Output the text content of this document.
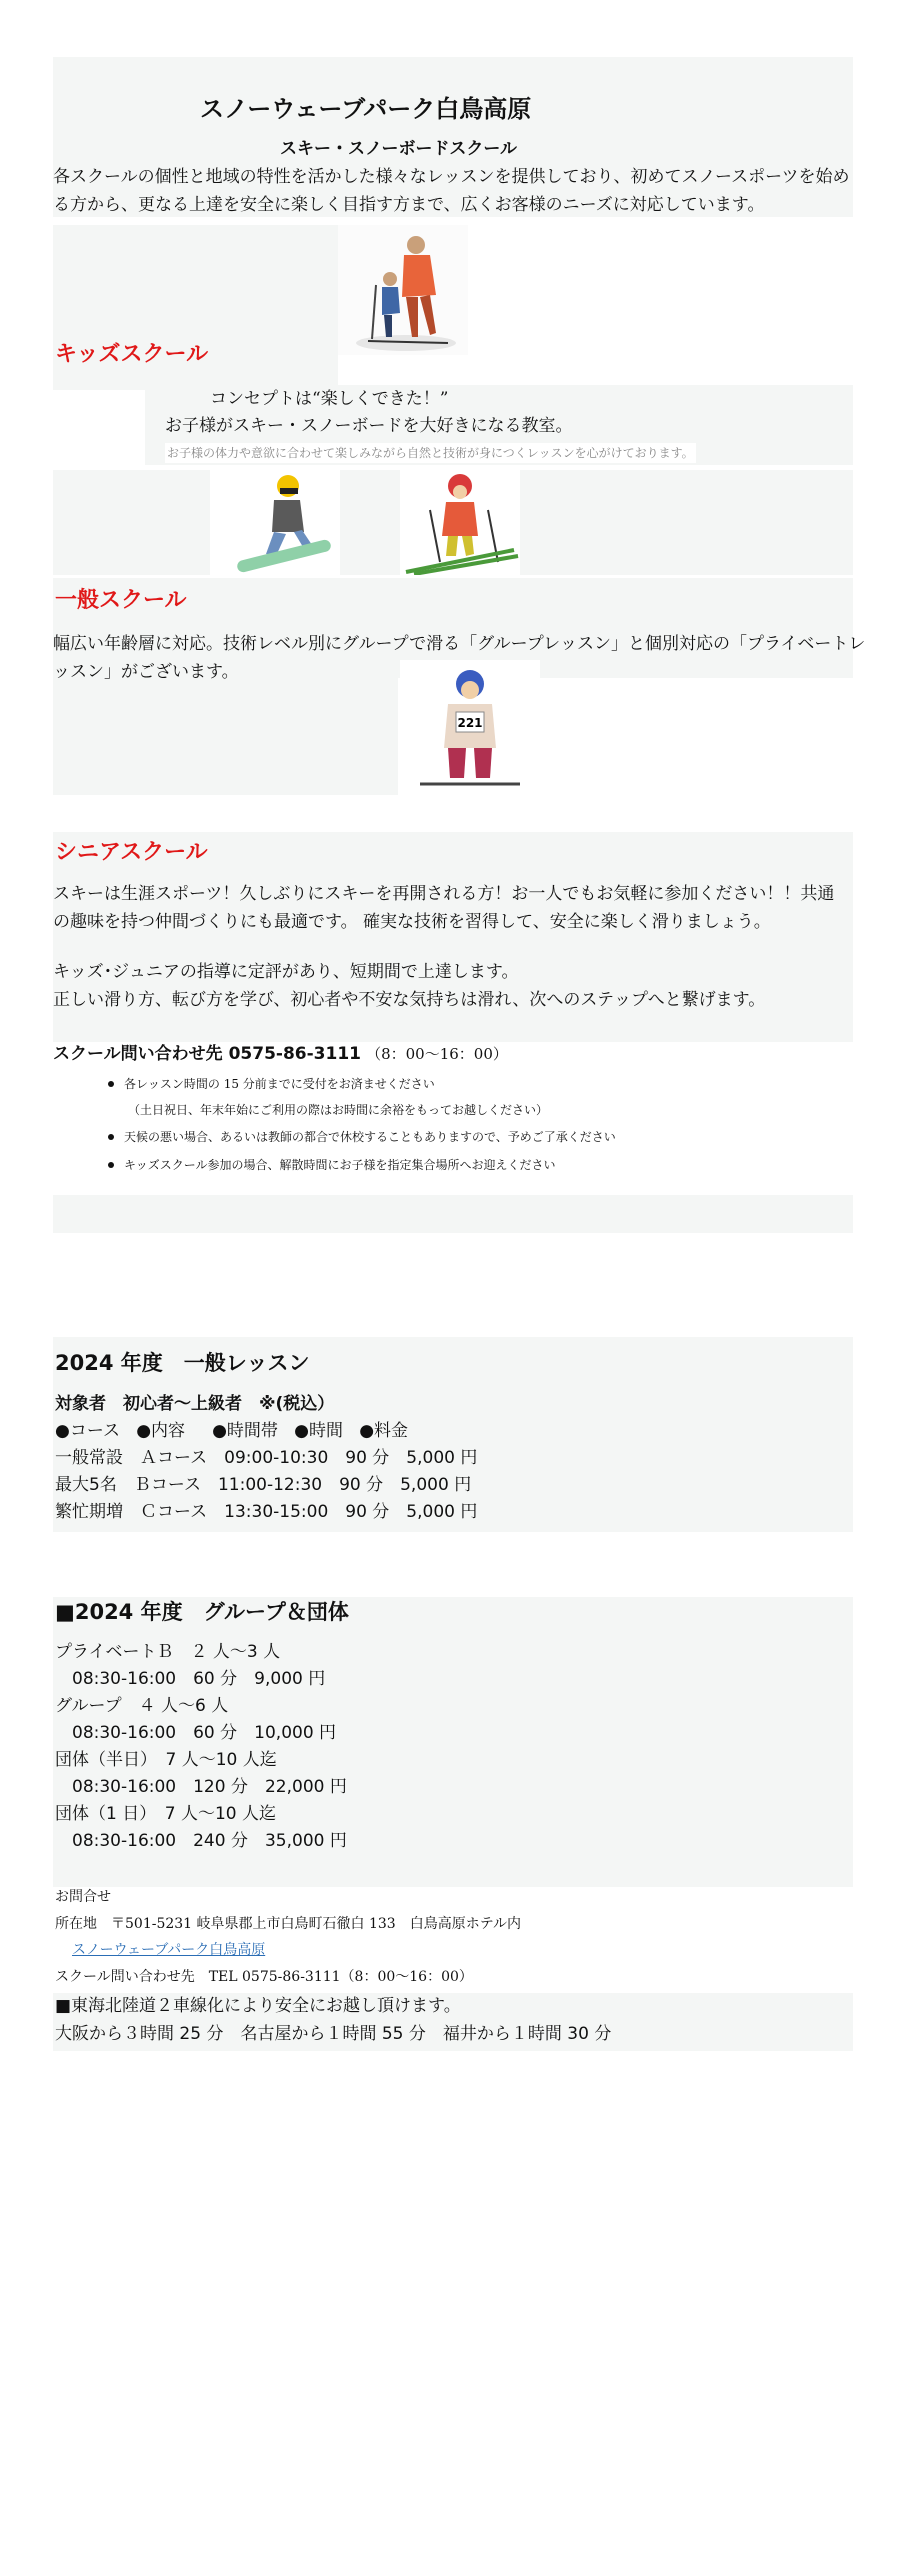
スノーウェーブパーク白鳥高原
スキー・スノーボードスクール
各スクールの個性と地域の特性を活かした様々なレッスンを提供しており、初めてスノースポーツを始め
る方から、更なる上達を安全に楽しく目指す方まで、広くお客様のニーズに対応しています。
キッズスクール
コンセプトは“楽しくできた！”
お子様がスキー・スノーボードを大好きになる教室。
お子様の体力や意欲に合わせて楽しみながら自然と技術が身につくレッスンを心がけております。
一般スクール
幅広い年齢層に対応。技術レベル別にグループで滑る「グループレッスン」と個別対応の「プライベートレ
ッスン」がございます。
221
シニアスクール
スキーは生涯スポーツ！久しぶりにスキーを再開される方！お一人でもお気軽に参加ください！！共通
の趣味を持つ仲間づくりにも最適です。 確実な技術を習得して、安全に楽しく滑りましょう。
キッズ･ジュニアの指導に定評があり、短期間で上達します。
正しい滑り方、転び方を学び、初心者や不安な気持ちは滑れ、次へのステップへと繋げます。
スクール問い合わせ先 0575-86-3111 （8：00～16：00）
各レッスン時間の 15 分前までに受付をお済ませください
（土日祝日、年末年始にご利用の際はお時間に余裕をもってお越しください）
天候の悪い場合、あるいは教師の都合で休校することもありますので、予めご了承ください
キッズスクール参加の場合、解散時間にお子様を指定集合場所へお迎えください
2024 年度　一般レッスン
対象者　初心者～上級者　※(税込）
●コース ●内容 ●時間帯 ●時間 ●料金
一般常設　Ａコース　09:00-10:30　90 分　5,000 円
最大5名　Ｂコース　11:00-12:30　90 分　5,000 円
繁忙期増　Ｃコース　13:30-15:00　90 分　5,000 円
■2024 年度　グループ＆団体
プライベートＢ　２ 人～3 人
　08:30-16:00　60 分　9,000 円
グループ　４ 人～6 人
　08:30-16:00　60 分　10,000 円
団体（半日）　7 人～10 人迄
　08:30-16:00　120 分　22,000 円
団体（1 日）　7 人～10 人迄
　08:30-16:00　240 分　35,000 円
お問合せ
所在地　〒501-5231 岐阜県郡上市白鳥町石徹白 133　白鳥高原ホテル内
スノーウェーブパーク白鳥高原
スクール問い合わせ先　TEL 0575-86-3111（8：00～16：00）
■東海北陸道２車線化により安全にお越し頂けます。
大阪から３時間 25 分　名古屋から１時間 55 分　福井から１時間 30 分
